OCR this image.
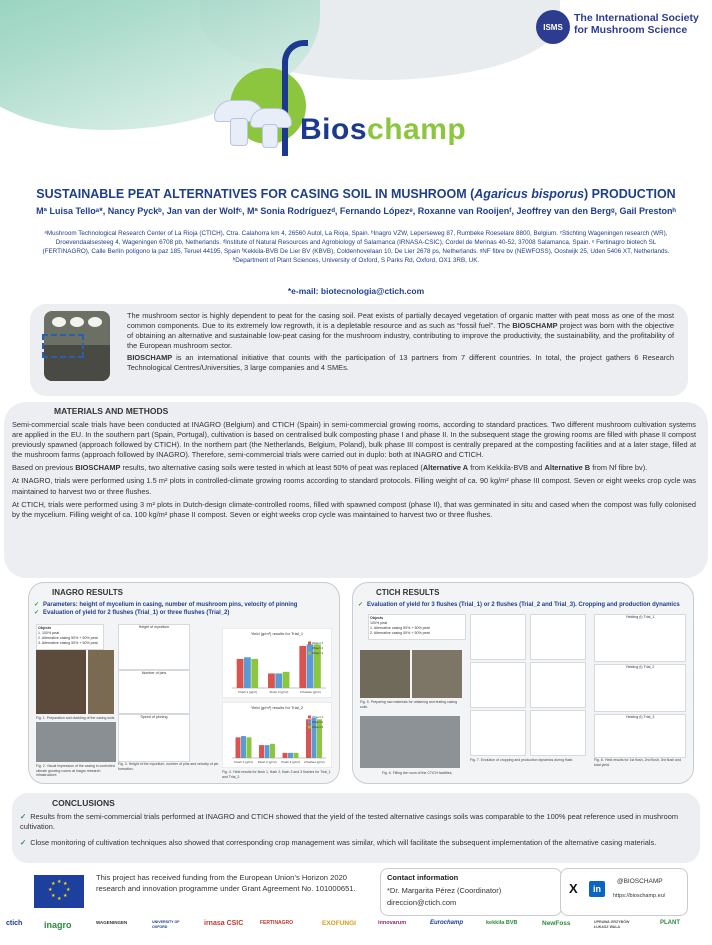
ISMS
The International Society
for Mushroom Science
Bioschamp
SUSTAINABLE PEAT ALTERNATIVES FOR CASING SOIL IN MUSHROOM (Agaricus bisporus) PRODUCTION
Mª Luisa Telloᵃ*, Nancy Pyckᵇ, Jan van der Wolfᶜ, Mª Sonia Rodríguezᵈ, Fernando Lópezᵉ, Roxanne van Rooijenᶠ, Jeoffrey van den Bergᵍ, Gail Prestonʰ
ᵃMushroom Technological Research Center of La Rioja (CTICH), Ctra. Calahorra km 4, 26560 Autol, La Rioja, Spain. ᵇInagro VZW, Leperseweg 87, Rumbeke Roeselare 8800, Belgium. ᶜStichting Wageningen research (WR),
Droevendaalsesteeg 4, Wageningen 6708 pb, Netherlands. ᵈInstitute of Natural Resources and Agrobiology of Salamanca (IRNASA-CSIC), Cordel de Merinas 40-52, 37008 Salamanca, Spain. ᵉ Fertinagro biotech SL
(FERTINAGRO), Calle Berlín polígono la paz 185, Teruel 44195, Spain ᶠKekkila-BVB De Lier BV (KBVB), Coldenhovelaan 10, De Lier 2678 ps, Netherlands. ᵍNF fibre bv (NEWFOSS), Oostwijk 25, Uden 5406 XT, Netherlands.
ʰDepartment of Plant Sciences, University of Oxford, S Parks Rd, Oxford, OX1 3RB, UK.
*e-mail: biotecnologia@ctich.com
The mushroom sector is highly dependent to peat for the casing soil. Peat exists of partially decayed vegetation of organic matter with peat moss as one of the most common components. Due to its extremely low regrowth, it is a depletable resource and as such as “fossil fuel”. The BIOSCHAMP project was born with the objective of obtaining an alternative and sustainable low-peat casing for the mushroom industry, contributing to improve the productivity, the sustainability, and the profitability of the European mushroom sector.
BIOSCHAMP is an international initiative that counts with the participation of 13 partners from 7 different countries. In total, the project gathers 6 Research Technological Centres/Universities, 3 large companies and 4 SMEs.
MATERIALS AND METHODS

Semi-commercial scale trials have been conducted at INAGRO (Belgium) and CTICH (Spain) in semi-commercial growing rooms, according to standard practices. Two different mushroom cultivation systems are applied in the EU. In the southern part (Spain, Portugal), cultivation is based on centralised bulk composting phase I and phase II. In the subsequent stage the growing rooms are filled with phase II compost previously spawned (approach followed by CTICH). In the northern part (the Netherlands, Belgium, Poland), bulk phase III compost is centrally prepared at the composting facilities and at a later stage, filled at the mushroom farms (approach followed by INAGRO). Therefore, semi-commercial trials were carried out in duplo: both at INAGRO and CTICH.

Based on previous BIOSCHAMP results, two alternative casing soils were tested in which at least 50% of peat was replaced (Alternative A from Kekkila-BVB and Alternative B from Nf fibre bv).

At INAGRO, trials were performed using 1.5 m² plots in controlled-climate growing rooms according to standard protocols. Filling weight of ca. 90 kg/m² phase III compost. Seven or eight weeks crop cycle was maintained to harvest two or three flushes.

At CTICH, trials were performed using 3 m² plots in Dutch-design climate-controlled rooms, filled with spawned compost (phase II), that was germinated in situ and cased when the compost was fully colonised by the mycelium. Filling weight of ca. 100 kg/m² phase II compost. Seven or eight weeks crop cycle was maintained to harvest two or three flushes.

INAGRO RESULTS
✓ Parameters: height of mycelium in casing, number of mushroom pins, velocity of pinning
✓ Evaluation of yield for 2 flushes (Trial_1) or three flushes (Trial_2)
Objects
1. 100% peat
2. Alternative casing 50% + 50% peat
3. Alternative casing 50% + 50% peat
Fig. 1. Preparation and cladding of the casing soils
Fig. 2. Visual impression of the casing in controlled climate growing rooms at Inagro research infrastructure.
Height of mycelium
Number of pins
Speed of pinning
Fig. 3. Height of the mycelium, number of pins and velocity of pin formation.
Yield (g/m²) results for Trial_1
Flush 1 (g/m²)	Flush 2 (g/m²)	2 flushes (g/m²)
Object 1
Object 2
Object 3
Yield (g/m²) results for Trial_2
Flush 1 (g/m²) Flush 2 (g/m²) Flush 3 (g/m²) 3 flushes (g/m²)
Object 1
Object 2
Object 3
Fig. 4. Yield results for flush 1, flush 2, flush 3 and 3 flushes for Trial_1 and Trial_2.
CTICH RESULTS
✓ Evaluation of yield for 3 flushes (Trial_1) or 2 flushes (Trial_2 and Trial_3). Cropping and production dynamics
Objects
100% peat
1. Alternative casing 50% + 50% peat
2. Alternative casing 50% + 50% peat
Fig. 5. Preparing raw materials for obtaining and testing casing soils.
Fig. 6. Filling the room of the CTICH facilities.
Fig. 7. Evolution of cropping and production dynamics during flush.
Yielding (t) Trial_1
Yielding (t) Trial_2
Yielding (t) Trial_3
Fig. 8. Yield results for 1st flush, 2nd flush, 3rd flush and total yield.
CONCLUSIONS
✓ Results from the semi-commercial trials performed at INAGRO and CTICH showed that the yield of the tested alternative casings soils was comparable to the 100% peat reference used in mushroom cultivation.
✓ Close monitoring of cultivation techniques also showed that corresponding crop management was similar, which will facilitate the subsequent implementation of the alternative casing materials.
★ ★
★
★
★
★
★
★
This project has received funding from the European Union’s Horizon 2020 research and innovation programme under Grant Agreement No. 101000651.
Contact information
*Dr. Margarita Pérez (Coordinator)
direccion@ctich.com
X	in
@BIOSCHAMP
https://bioschamp.eu/
ctich inagro	WAGENINGEN	UNIVERSITY OF OXFORD	irnasa CSIC	FERTINAGRO	EXOFUNGI	innovarum	Eurochamp	kekkila BVB	NewFoss	UPRAWA GRZYBÓW ŁUKASZ WALA
PLANT
